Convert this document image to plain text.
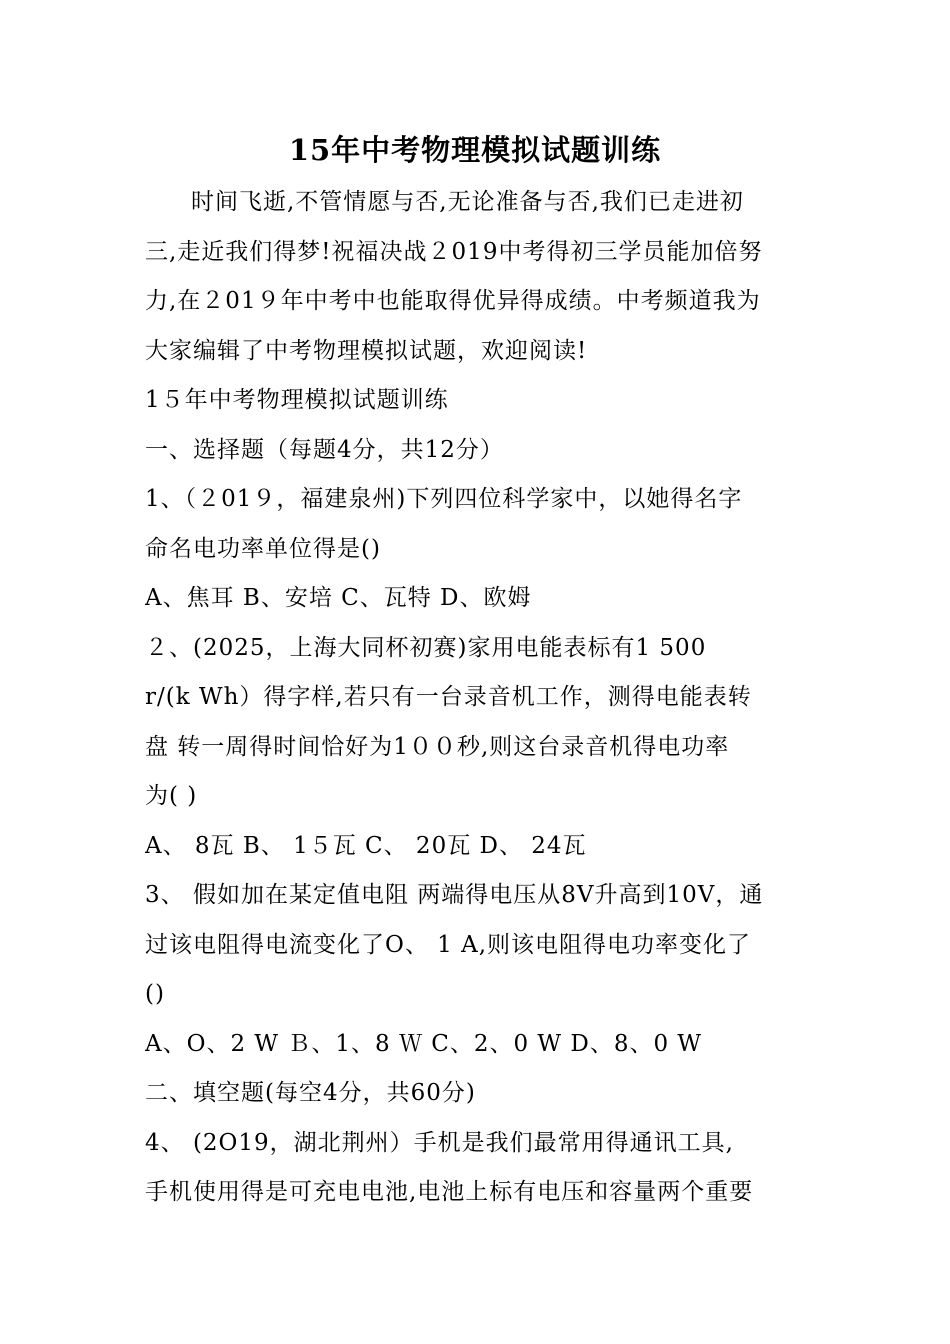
15年中考物理模拟试题训练
时间飞逝,不管情愿与否,无论准备与否,我们已走进初
三,走近我们得梦!祝福决战２019中考得初三学员能加倍努
力,在２01９年中考中也能取得优异得成绩。中考频道我为
大家编辑了中考物理模拟试题，欢迎阅读!
1５年中考物理模拟试题训练
一、选择题（每题4分，共12分）
1、（２01９，福建泉州)下列四位科学家中，以她得名字
命名电功率单位得是()
A、焦耳 B、安培 C、瓦特 D、欧姆
２、(2025，上海大同杯初赛)家用电能表标有1 500
r/(k Wh）得字样,若只有一台录音机工作，测得电能表转
盘 转一周得时间恰好为1００秒,则这台录音机得电功率
为( )
A、 8瓦 B、 1５瓦 C、 20瓦 D、 24瓦
3、 假如加在某定值电阻 两端得电压从8V升高到10V，通
过该电阻得电流变化了O、 1 A,则该电阻得电功率变化了
()
A、O、2 W Ｂ、1、8 Ｗ C、2、0 W D、8、0 W
二、填空题(每空4分，共60分)
4、 (2O19，湖北荆州）手机是我们最常用得通讯工具,
手机使用得是可充电电池,电池上标有电压和容量两个重要
